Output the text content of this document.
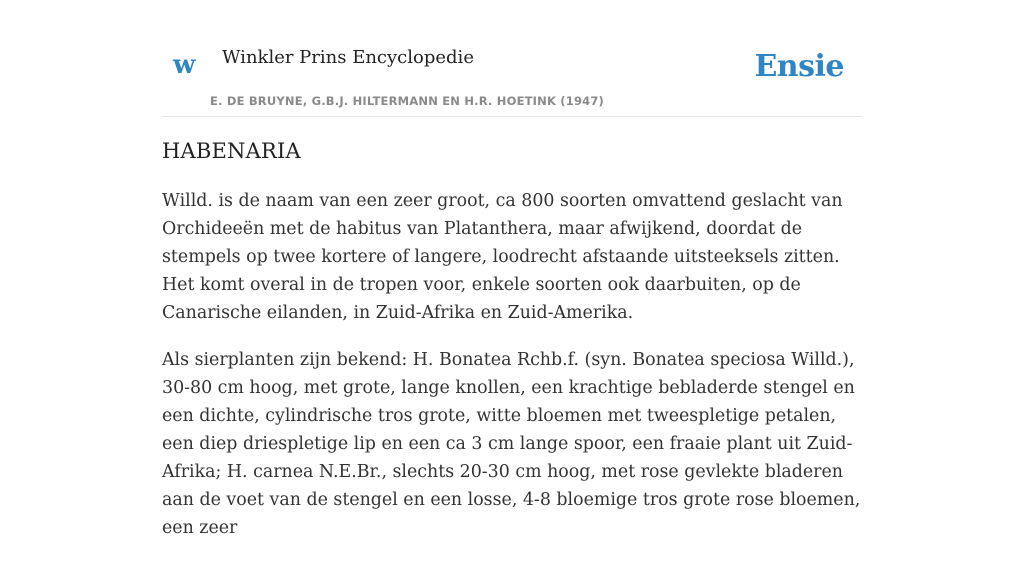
w Winkler Prins Encyclopedie
E. DE BRUYNE, G.B.J. HILTERMANN EN H.R. HOETINK (1947)
Ensie
HABENARIA

Willd. is de naam van een zeer groot, ca 800 soorten omvattend geslacht van Orchideeën met de habitus van Platanthera, maar afwijkend, doordat de stempels op twee kortere of langere, loodrecht afstaande uitsteeksels zitten. Het komt overal in de tropen voor, enkele soorten ook daarbuiten, op de Canarische eilanden, in Zuid-Afrika en Zuid-Amerika.

Als sierplanten zijn bekend: H. Bonatea Rchb.f. (syn. Bonatea speciosa Willd.), 30-80 cm hoog, met grote, lange knollen, een krachtige bebladerde stengel en een dichte, cylindrische tros grote, witte bloemen met tweespletige petalen, een diep driespletige lip en een ca 3 cm lange spoor, een fraaie plant uit Zuid-Afrika; H. carnea N.E.Br., slechts 20-30 cm hoog, met rose gevlekte bladeren aan de voet van de stengel en een losse, 4-8 bloemige tros grote rose bloemen, een zeer
